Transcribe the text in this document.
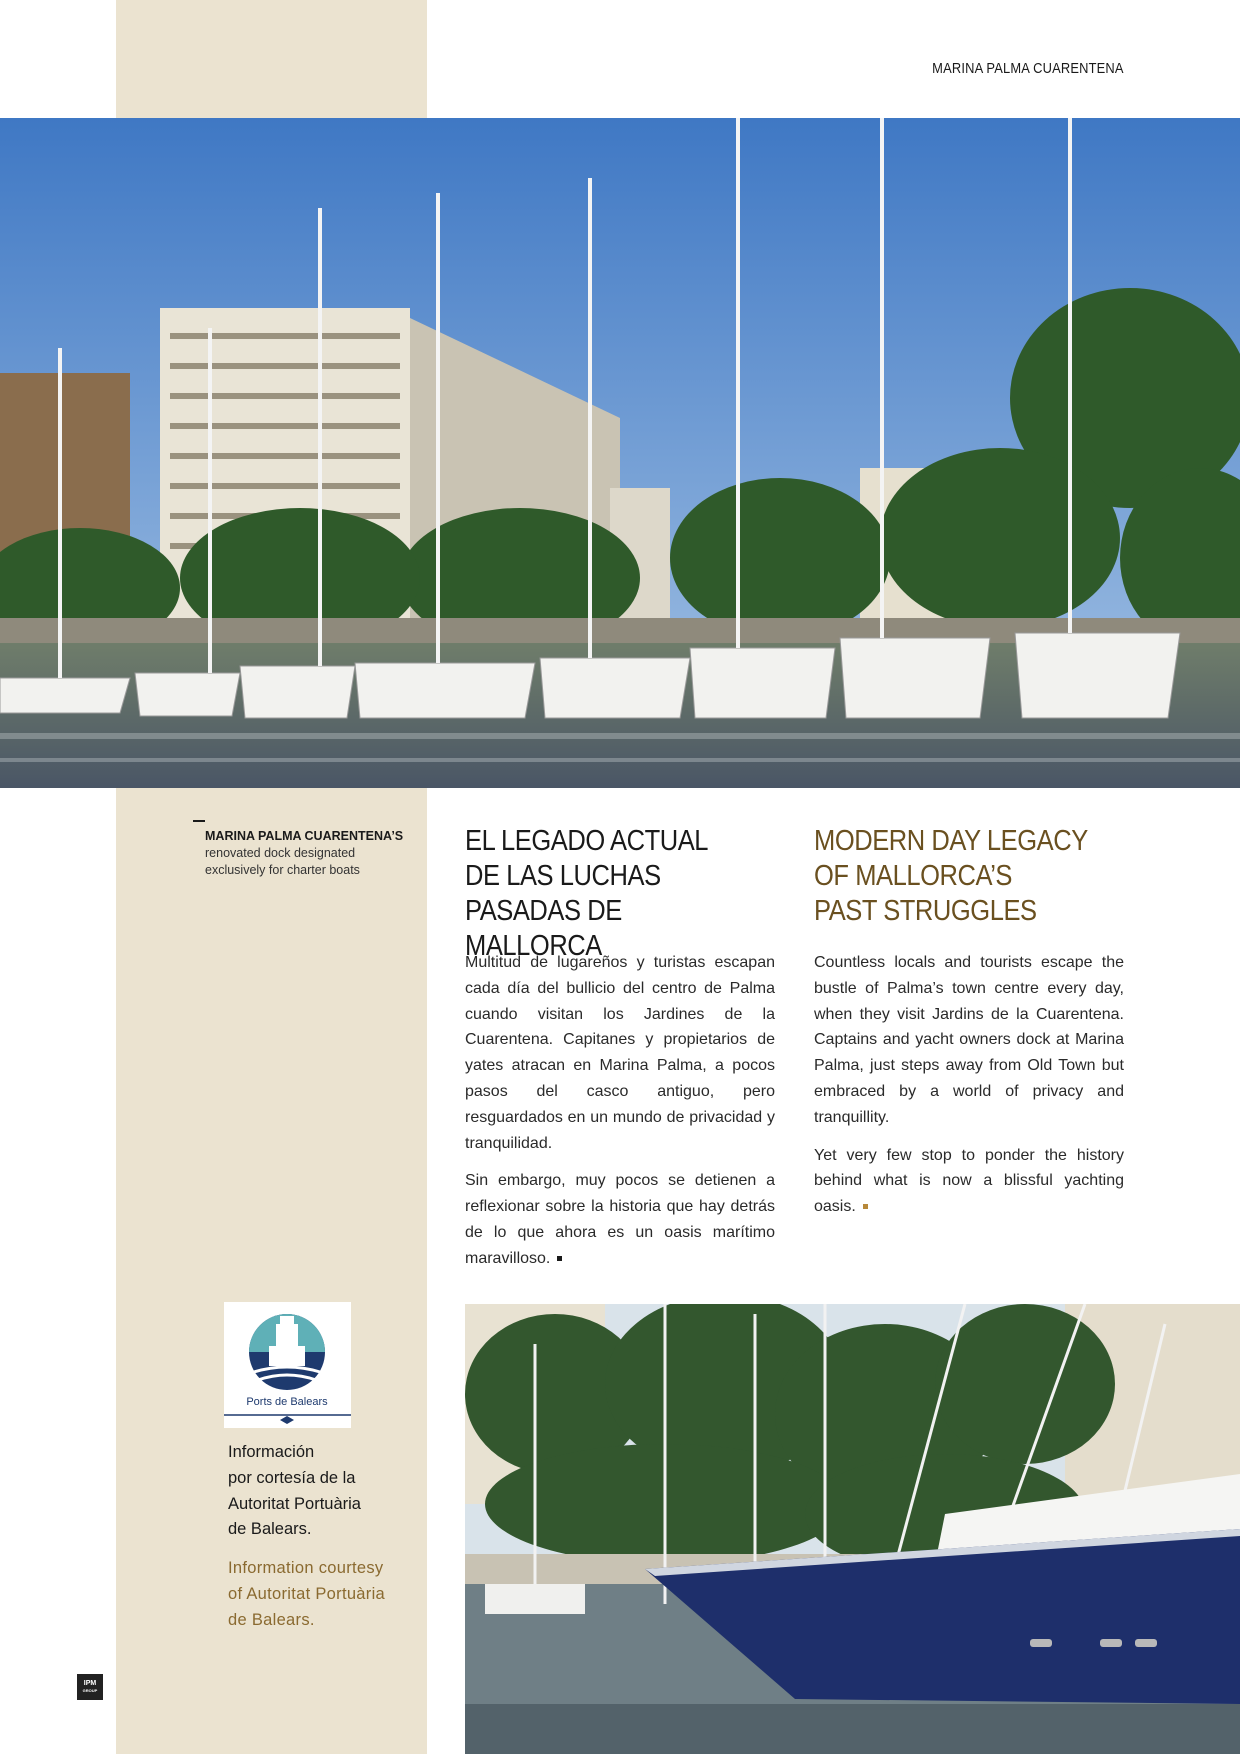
MARINA PALMA CUARENTENA
MARINA PALMA CUARENTENA’S
renovated dock designated exclusively for charter boats
EL LEGADO ACTUAL
DE LAS LUCHAS
PASADAS DE MALLORCA
MODERN DAY LEGACY
OF MALLORCA’S
PAST STRUGGLES

Multitud de lugareños y turistas escapan cada día del bullicio del centro de Palma cuando visitan los Jardines de la Cuarentena. Capitanes y propietarios de yates atracan en Marina Palma, a pocos pasos del casco antiguo, pero resguardados en un mundo de privacidad y tranquilidad.

Sin embargo, muy pocos se detienen a reflexionar sobre la historia que hay detrás de lo que ahora es un oasis marítimo maravilloso.

Countless locals and tourists escape the bustle of Palma’s town centre every day, when they visit Jardins de la Cuarentena. Captains and yacht owners dock at Marina Palma, just steps away from Old Town but embraced by a world of privacy and tranquillity.

Yet very few stop to ponder the history behind what is now a blissful yachting oasis.

Ports de Balears
Información
por cortesía de la
Autoritat Portuària
de Balears.
Information courtesy
of Autoritat Portuària
de Balears.
IPM
GROUP
